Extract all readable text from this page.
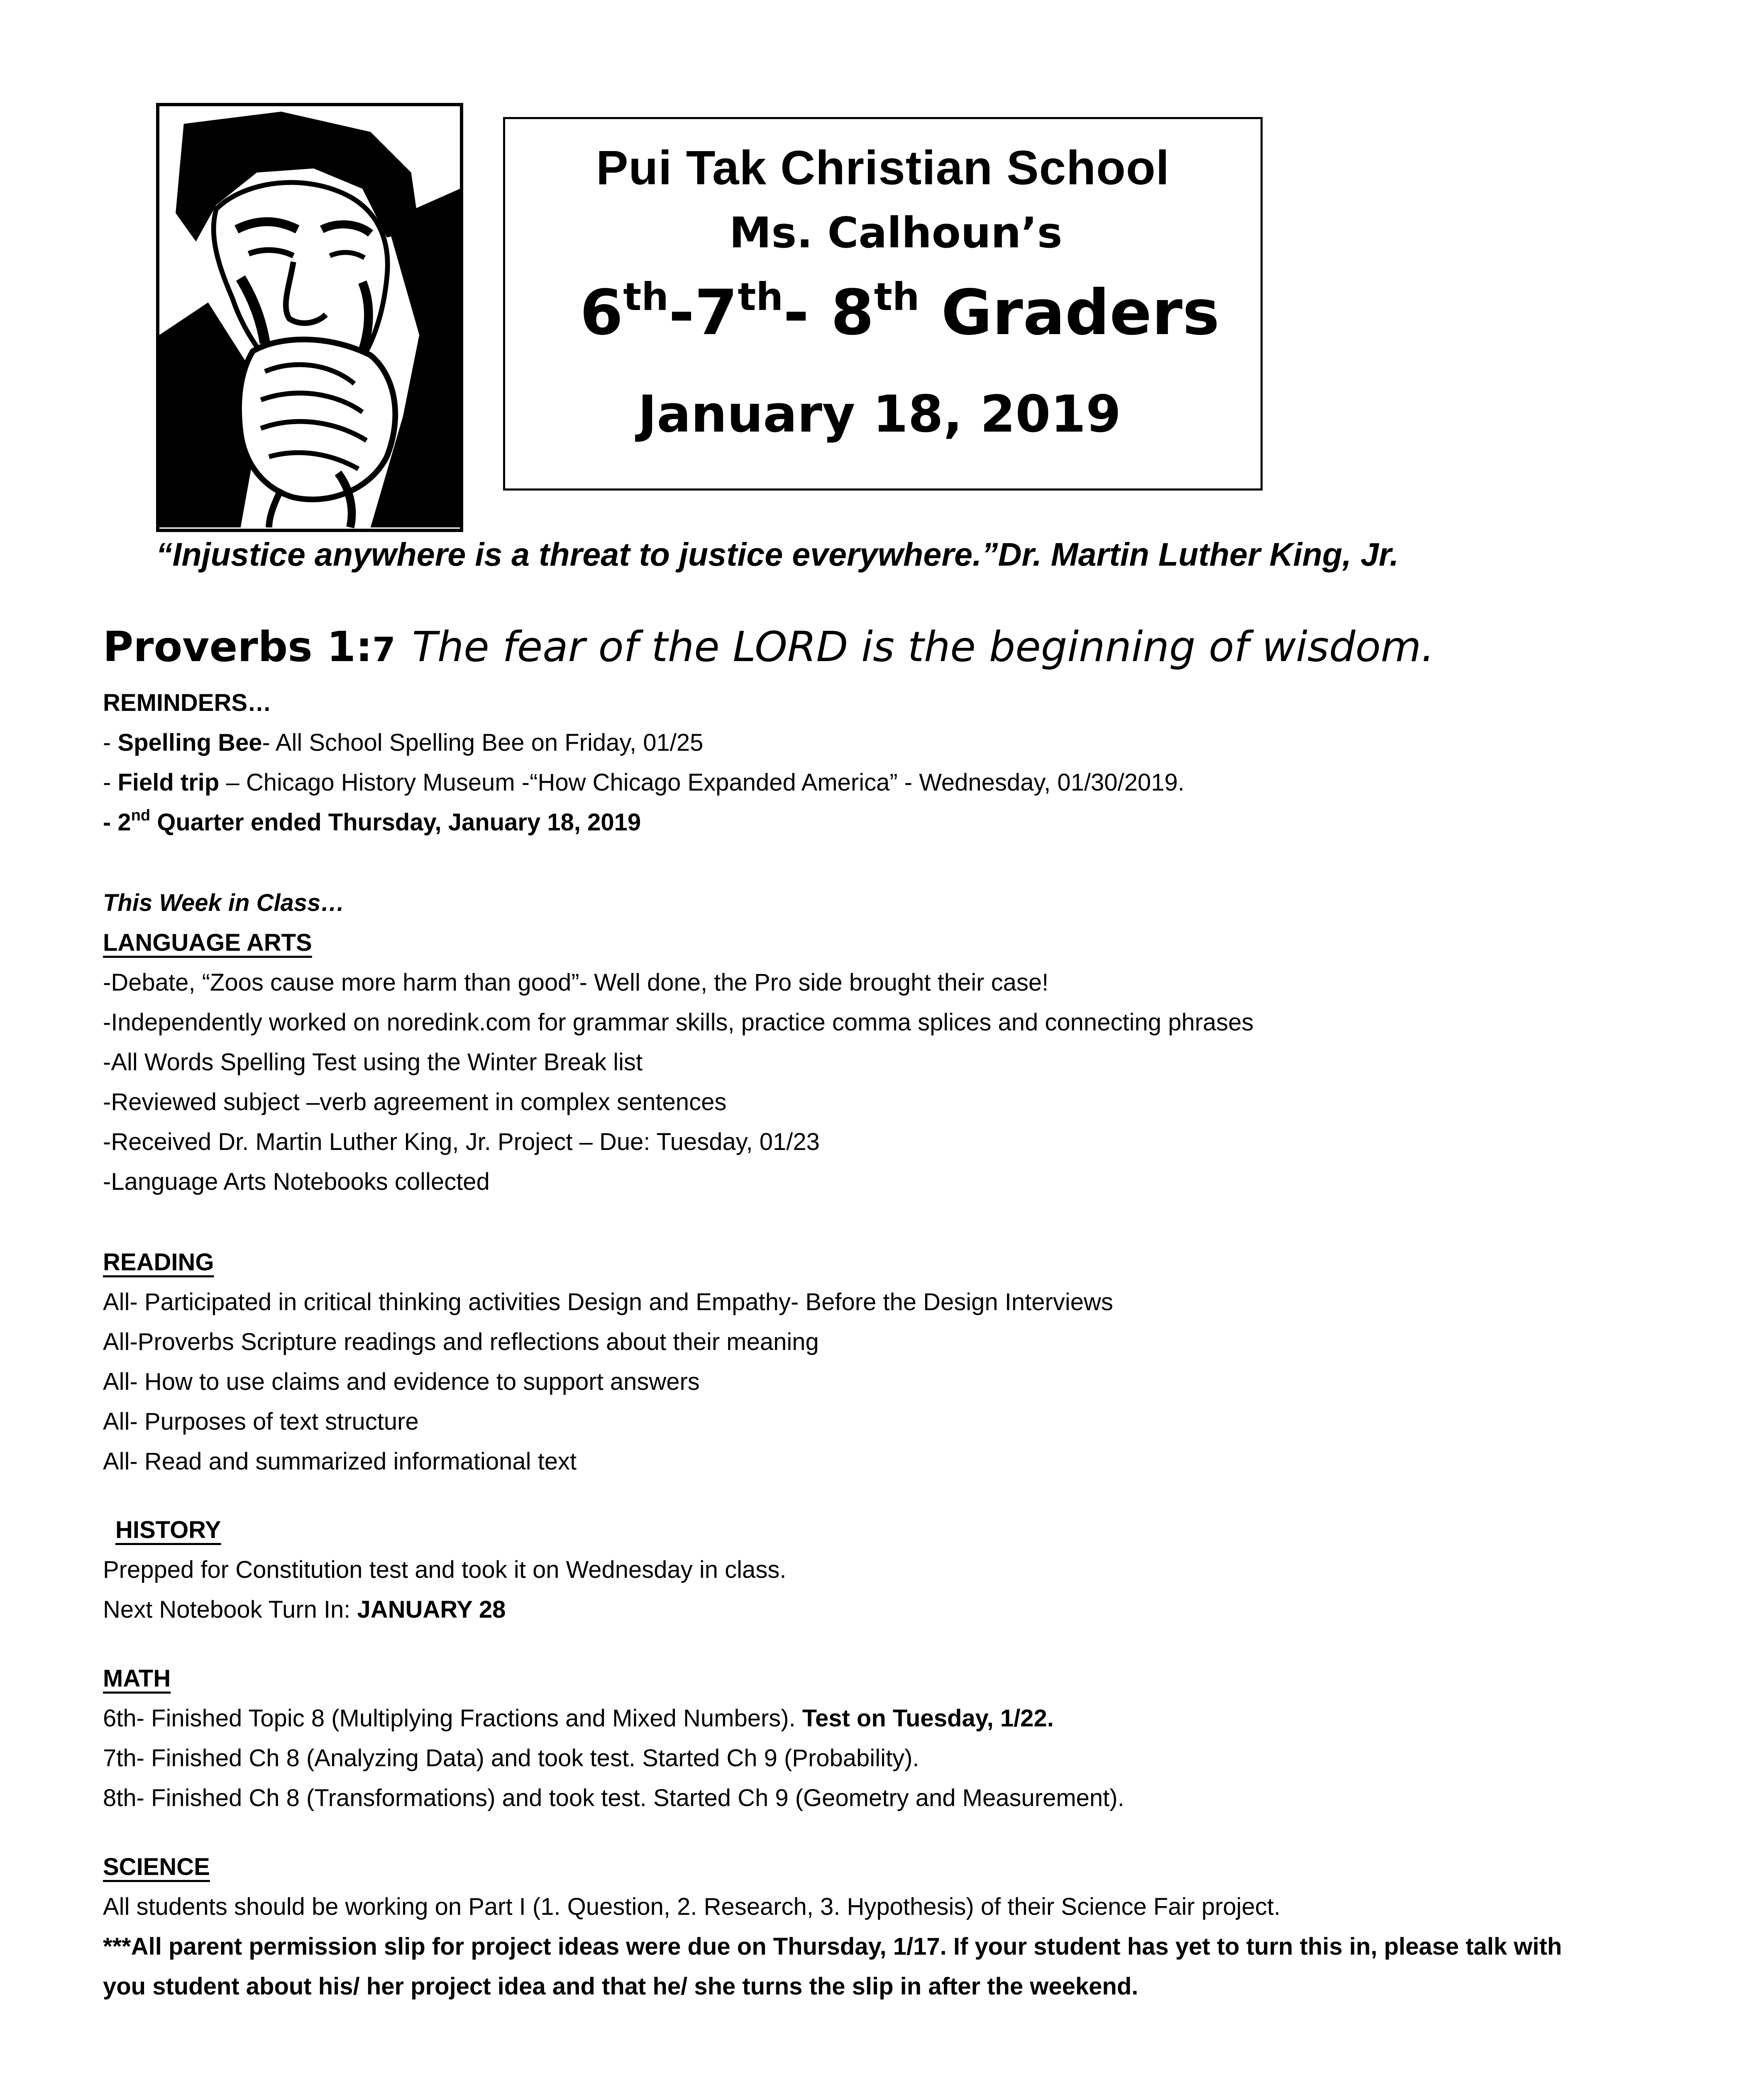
Ri'Shaun'Ra
Pui Tak Christian School
Ms. Calhoun’s
6th-7th- 8th Graders
January 18, 2019
“Injustice anywhere is a threat to justice everywhere.”Dr. Martin Luther King, Jr.
Proverbs 1:7 The fear of the LORD is the beginning of wisdom.
REMINDERS…
- Spelling Bee- All School Spelling Bee on Friday, 01/25
- Field trip – Chicago History Museum -“How Chicago Expanded America” - Wednesday, 01/30/2019.
- 2nd Quarter ended Thursday, January 18, 2019
This Week in Class…
LANGUAGE ARTS
-Debate, “Zoos cause more harm than good”- Well done, the Pro side brought their case!
-Independently worked on noredink.com for grammar skills, practice comma splices and connecting phrases
-All Words Spelling Test using the Winter Break list
-Reviewed subject –verb agreement in complex sentences
-Received Dr. Martin Luther King, Jr. Project – Due: Tuesday, 01/23
-Language Arts Notebooks collected
READING
All- Participated in critical thinking activities Design and Empathy- Before the Design Interviews
All-Proverbs Scripture readings and reflections about their meaning
All- How to use claims and evidence to support answers
All- Purposes of text structure
All- Read and summarized informational text
HISTORY
Prepped for Constitution test and took it on Wednesday in class.
Next Notebook Turn In: JANUARY 28
MATH
6th- Finished Topic 8 (Multiplying Fractions and Mixed Numbers). Test on Tuesday, 1/22.
7th- Finished Ch 8 (Analyzing Data) and took test. Started Ch 9 (Probability).
8th- Finished Ch 8 (Transformations) and took test. Started Ch 9 (Geometry and Measurement).
SCIENCE
All students should be working on Part I (1. Question, 2. Research, 3. Hypothesis) of their Science Fair project.
***All parent permission slip for project ideas were due on Thursday, 1/17. If your student has yet to turn this in, please talk with
you student about his/ her project idea and that he/ she turns the slip in after the weekend.
